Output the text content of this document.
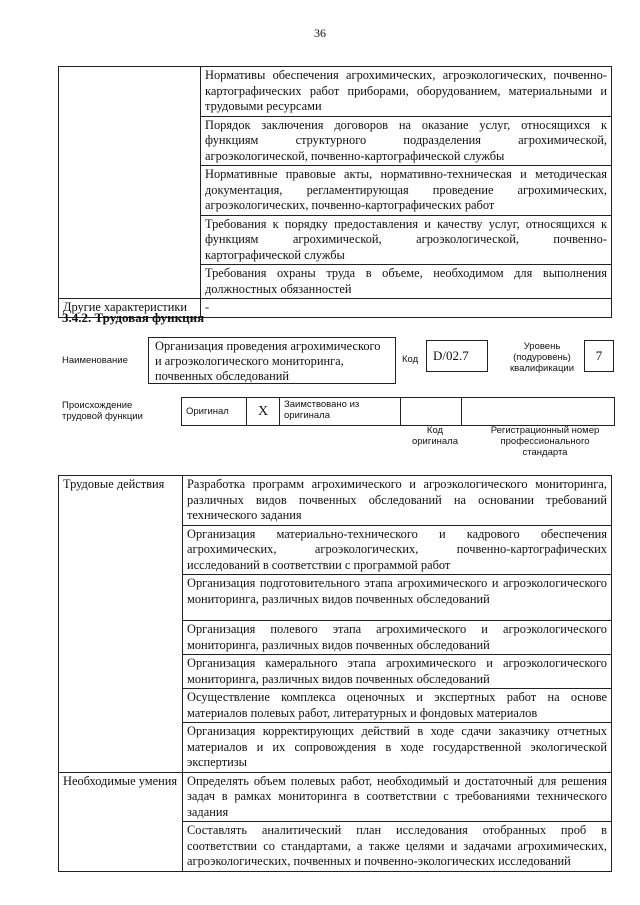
36
	Нормативы обеспечения агрохимических, агроэкологических, почвенно-картографических работ приборами, оборудованием, материальными и трудовыми ресурсами
	Порядок заключения договоров на оказание услуг, относящихся к функциям структурного подразделения агрохимической, агроэкологической, почвенно-картографической службы
	Нормативные правовые акты, нормативно-техническая и методическая документация, регламентирующая проведение агрохимических, агроэкологических, почвенно-картографических работ
	Требования к порядку предоставления и качеству услуг, относящихся к функциям агрохимической, агроэкологической, почвенно-картографической службы
	Требования охраны труда в объеме, необходимом для выполнения должностных обязанностей
Другие характеристики	-
3.4.2. Трудовая функция
Наименование
Организация проведения агрохимического и агроэкологического мониторинга, почвенных обследований
Код	D/02.7
Уровень (подуровень) квалификации
7
Происхождение трудовой функции	Оригинал	X	Заимствовано из оригинала		
Код оригинала
Регистрационный номер профессионального стандарта
Трудовые действия	Разработка программ агрохимического и агроэкологического мониторинга, различных видов почвенных обследований на основании требований технического задания
	Организация материально-технического и кадрового обеспечения агрохимических, агроэкологических, почвенно-картографических исследований в соответствии с программой работ
	Организация подготовительного этапа агрохимического и агроэкологического мониторинга, различных видов почвенных обследований
	Организация полевого этапа агрохимического и агроэкологического мониторинга, различных видов почвенных обследований
	Организация камерального этапа агрохимического и агроэкологического мониторинга, различных видов почвенных обследований
	Осуществление комплекса оценочных и экспертных работ на основе материалов полевых работ, литературных и фондовых материалов
	Организация корректирующих действий в ходе сдачи заказчику отчетных материалов и их сопровождения в ходе государственной экологической экспертизы
Необходимые умения	Определять объем полевых работ, необходимый и достаточный для решения задач в рамках мониторинга в соответствии с требованиями технического задания
	Составлять аналитический план исследования отобранных проб в соответствии со стандартами, а также целями и задачами агрохимических, агроэкологических, почвенных и почвенно-экологических исследований
